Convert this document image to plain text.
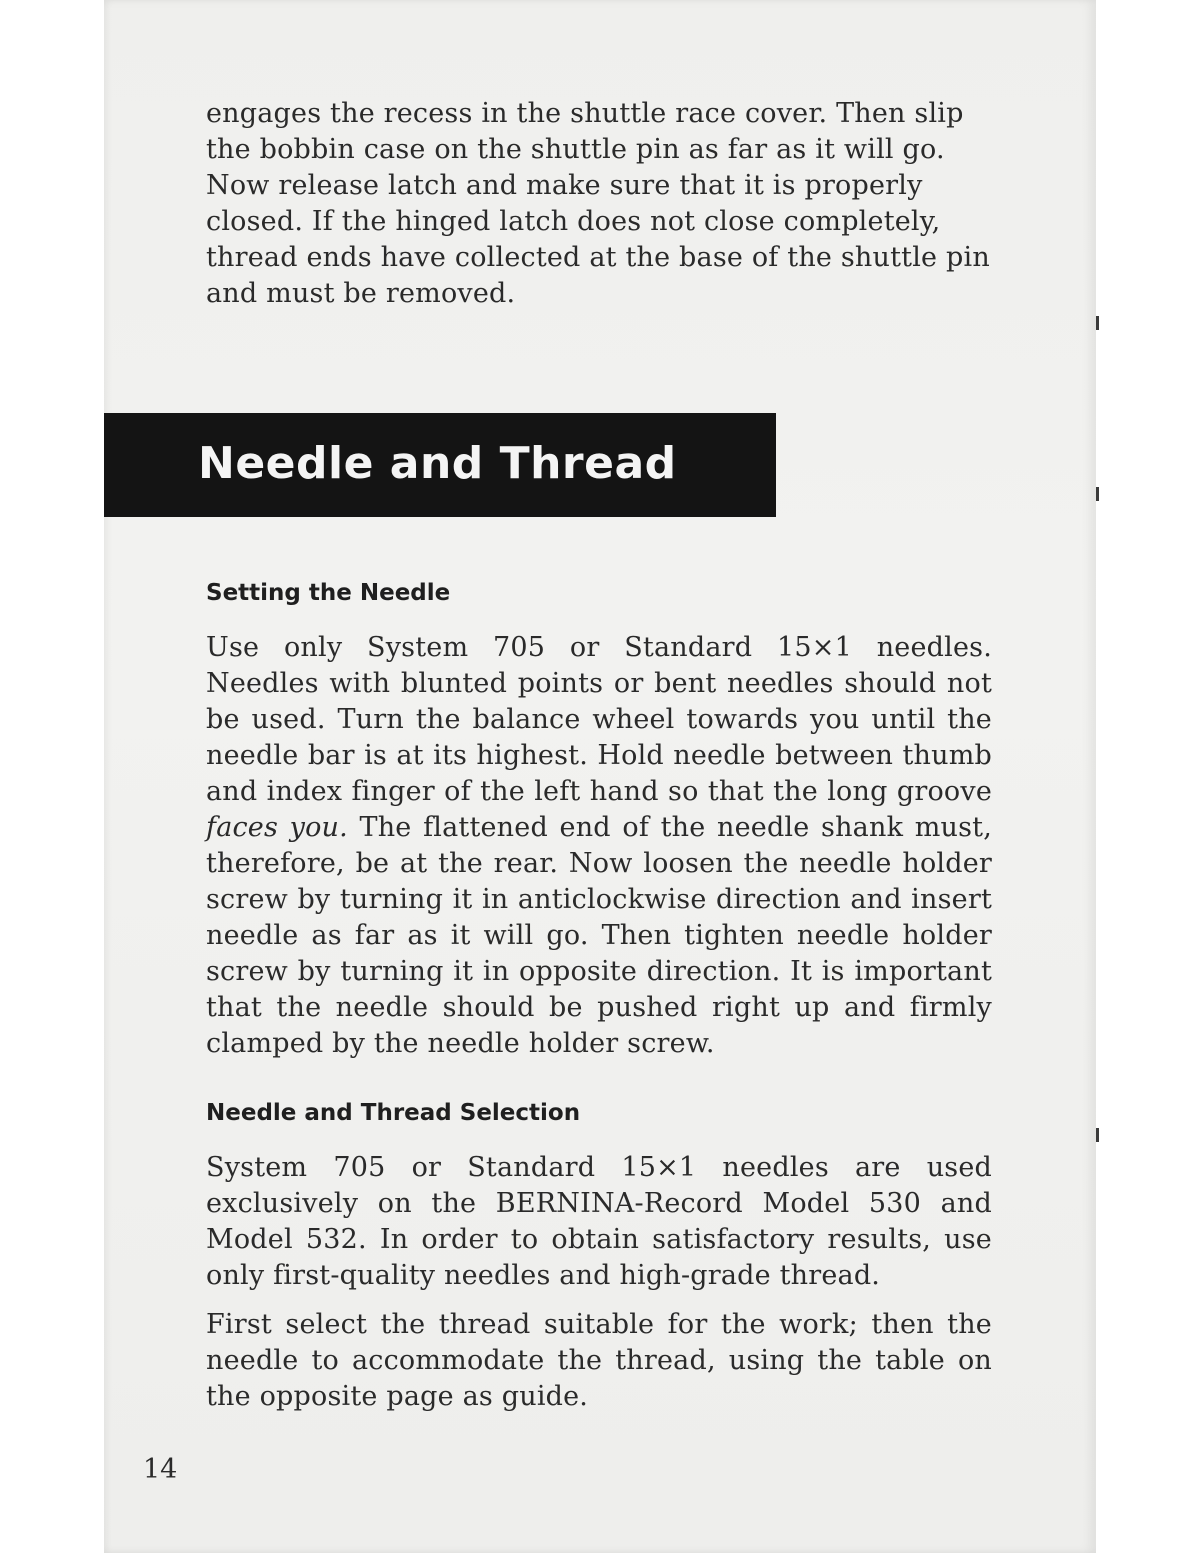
engages the recess in the shuttle race cover. Then slip
the bobbin case on the shuttle pin as far as it will go.
Now release latch and make sure that it is properly
closed. If the hinged latch does not close completely,
thread ends have collected at the base of the shuttle pin
and must be removed.
Needle and Thread
Setting the Needle

Use only System 705 or Standard 15×1 needles. Needles with blunted points or bent needles should not be used. Turn the balance wheel towards you until the needle bar is at its highest. Hold needle between thumb and index finger of the left hand so that the long groove faces you. The flattened end of the needle shank must, therefore, be at the rear. Now loosen the needle holder screw by turning it in anticlockwise direction and insert needle as far as it will go. Then tighten needle holder screw by turning it in opposite direction. It is important that the needle should be pushed right up and firmly clamped by the needle holder screw.

Needle and Thread Selection

System 705 or Standard 15×1 needles are used exclusively on the BERNINA-Record Model 530 and Model 532. In order to obtain satisfactory results, use only first-quality needles and high-grade thread.

First select the thread suitable for the work; then the needle to accommodate the thread, using the table on the opposite page as guide.

14
